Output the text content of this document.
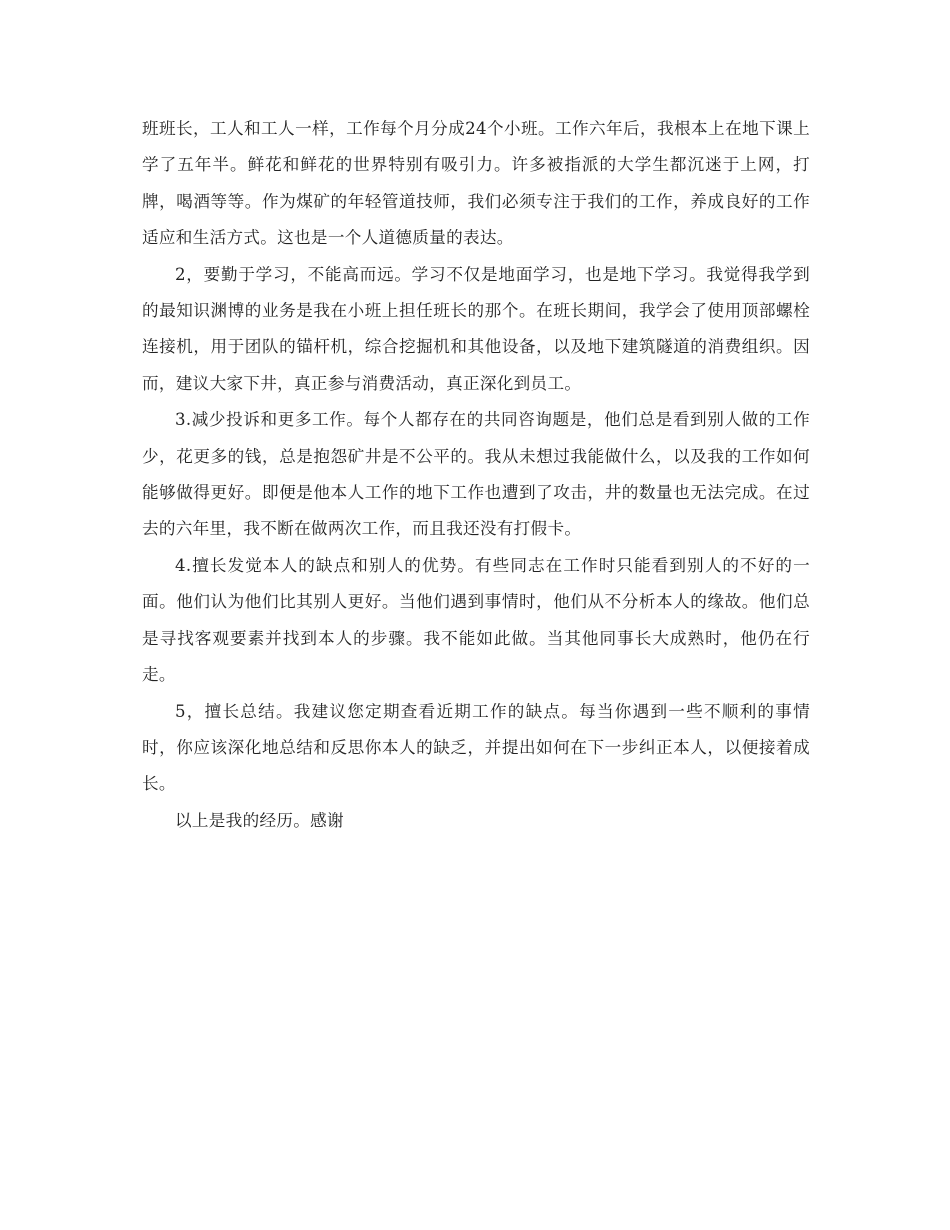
班班长，工人和工人一样，工作每个月分成24个小班。工作六年后，我根本上在地下课上学了五年半。鲜花和鲜花的世界特别有吸引力。许多被指派的大学生都沉迷于上网，打牌，喝酒等等。作为煤矿的年轻管道技师，我们必须专注于我们的工作，养成良好的工作适应和生活方式。这也是一个人道德质量的表达。

2，要勤于学习，不能高而远。学习不仅是地面学习，也是地下学习。我觉得我学到的最知识渊博的业务是我在小班上担任班长的那个。在班长期间，我学会了使用顶部螺栓连接机，用于团队的锚杆机，综合挖掘机和其他设备，以及地下建筑隧道的消费组织。因而，建议大家下井，真正参与消费活动，真正深化到员工。

3.减少投诉和更多工作。每个人都存在的共同咨询题是，他们总是看到别人做的工作少，花更多的钱，总是抱怨矿井是不公平的。我从未想过我能做什么，以及我的工作如何能够做得更好。即便是他本人工作的地下工作也遭到了攻击，井的数量也无法完成。在过去的六年里，我不断在做两次工作，而且我还没有打假卡。

4.擅长发觉本人的缺点和别人的优势。有些同志在工作时只能看到别人的不好的一面。他们认为他们比其别人更好。当他们遇到事情时，他们从不分析本人的缘故。他们总是寻找客观要素并找到本人的步骤。我不能如此做。当其他同事长大成熟时，他仍在行走。

5，擅长总结。我建议您定期查看近期工作的缺点。每当你遇到一些不顺利的事情时，你应该深化地总结和反思你本人的缺乏，并提出如何在下一步纠正本人，以便接着成长。

以上是我的经历。感谢
